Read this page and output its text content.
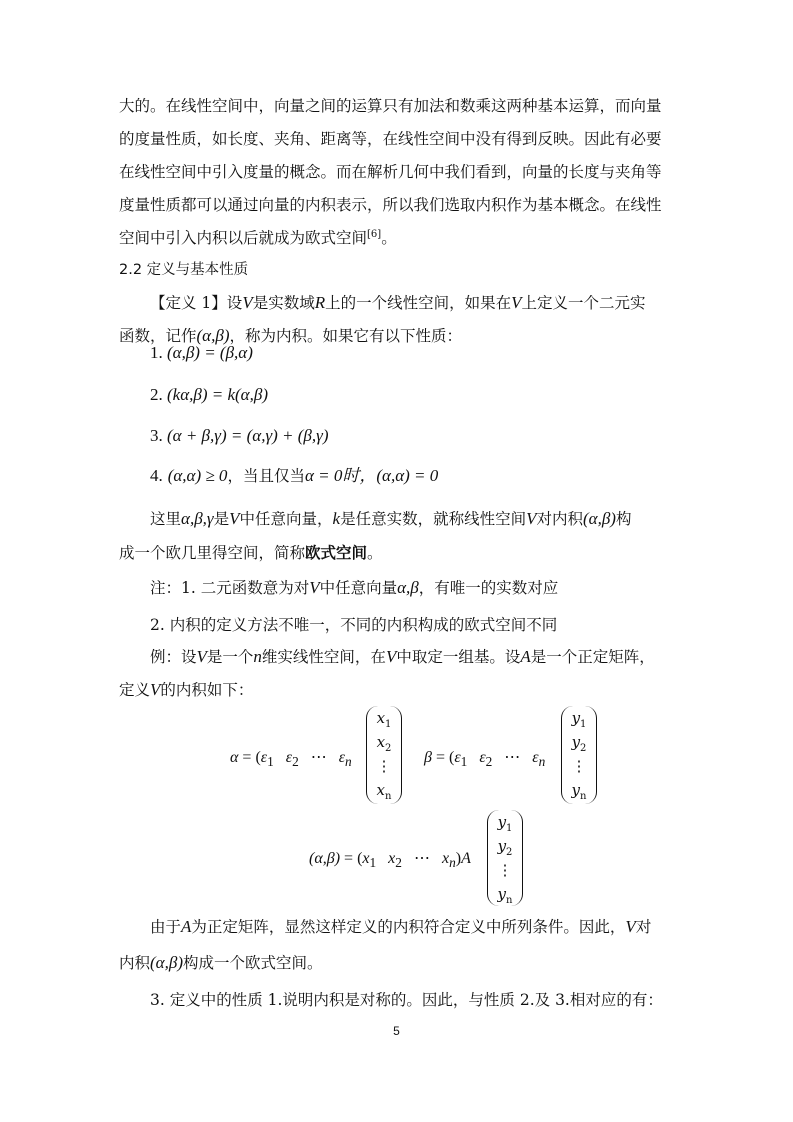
大的。在线性空间中，向量之间的运算只有加法和数乘这两种基本运算，而向量
的度量性质，如长度、夹角、距离等，在线性空间中没有得到反映。因此有必要
在线性空间中引入度量的概念。而在解析几何中我们看到，向量的长度与夹角等
度量性质都可以通过向量的内积表示，所以我们选取内积作为基本概念。在线性
空间中引入内积以后就成为欧式空间[6]。
2.2 定义与基本性质
【定义 1】设V是实数域R上的一个线性空间，如果在V上定义一个二元实
函数，记作(α,β)，称为内积。如果它有以下性质：
1. (α,β) = (β,α)
2. (kα,β) = k(α,β)
3. (α + β,γ) = (α,γ) + (β,γ)
4. (α,α) ≥ 0，当且仅当α = 0时，(α,α) = 0
这里α,β,γ是V中任意向量，k是任意实数，就称线性空间V对内积(α,β)构
成一个欧几里得空间，简称欧式空间。
注：1. 二元函数意为对V中任意向量α,β，有唯一的实数对应
2. 内积的定义方法不唯一，不同的内积构成的欧式空间不同
例：设V是一个n维实线性空间，在V中取定一组基。设A是一个正定矩阵，
定义V的内积如下：
$\alpha = (\varepsilon_1$ $\varepsilon_2$ ⋯ $\varepsilon_n$
$x_1$
$x_2$
⋮
$x_n$
$\beta = (\varepsilon_1$ $\varepsilon_2$ ⋯ $\varepsilon_n$
$y_1$
$y_2$
⋮
$y_n$
$(\alpha,\beta) = (x_1$ $x_2$ ⋯ $x_n)A$
$y_1$
$y_2$
⋮
$y_n$
由于A为正定矩阵，显然这样定义的内积符合定义中所列条件。因此，V对
内积(α,β)构成一个欧式空间。
3. 定义中的性质 1.说明内积是对称的。因此，与性质 2.及 3.相对应的有：
5
